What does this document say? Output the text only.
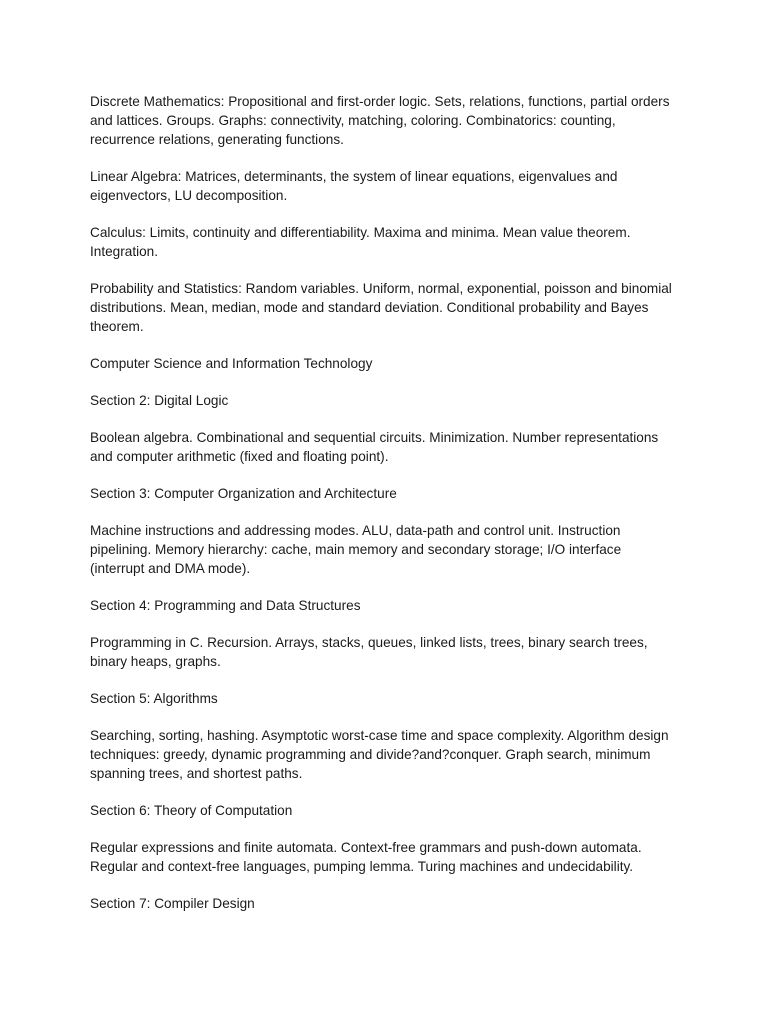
Discrete Mathematics: Propositional and first-order logic. Sets, relations, functions, partial orders and lattices. Groups. Graphs: connectivity, matching, coloring. Combinatorics: counting, recurrence relations, generating functions.

Linear Algebra: Matrices, determinants, the system of linear equations, eigenvalues and eigenvectors, LU decomposition.

Calculus: Limits, continuity and differentiability. Maxima and minima. Mean value theorem. Integration.

Probability and Statistics: Random variables. Uniform, normal, exponential, poisson and binomial distributions. Mean, median, mode and standard deviation. Conditional probability and Bayes theorem.

Computer Science and Information Technology

Section 2: Digital Logic

Boolean algebra. Combinational and sequential circuits. Minimization. Number representations and computer arithmetic (fixed and floating point).

Section 3: Computer Organization and Architecture

Machine instructions and addressing modes. ALU, data-path and control unit. Instruction pipelining. Memory hierarchy: cache, main memory and secondary storage; I/O interface (interrupt and DMA mode).

Section 4: Programming and Data Structures

Programming in C. Recursion. Arrays, stacks, queues, linked lists, trees, binary search trees, binary heaps, graphs.

Section 5: Algorithms

Searching, sorting, hashing. Asymptotic worst-case time and space complexity. Algorithm design techniques: greedy, dynamic programming and divide?and?conquer. Graph search, minimum spanning trees, and shortest paths.

Section 6: Theory of Computation

Regular expressions and finite automata. Context-free grammars and push-down automata. Regular and context-free languages, pumping lemma. Turing machines and undecidability.

Section 7: Compiler Design
